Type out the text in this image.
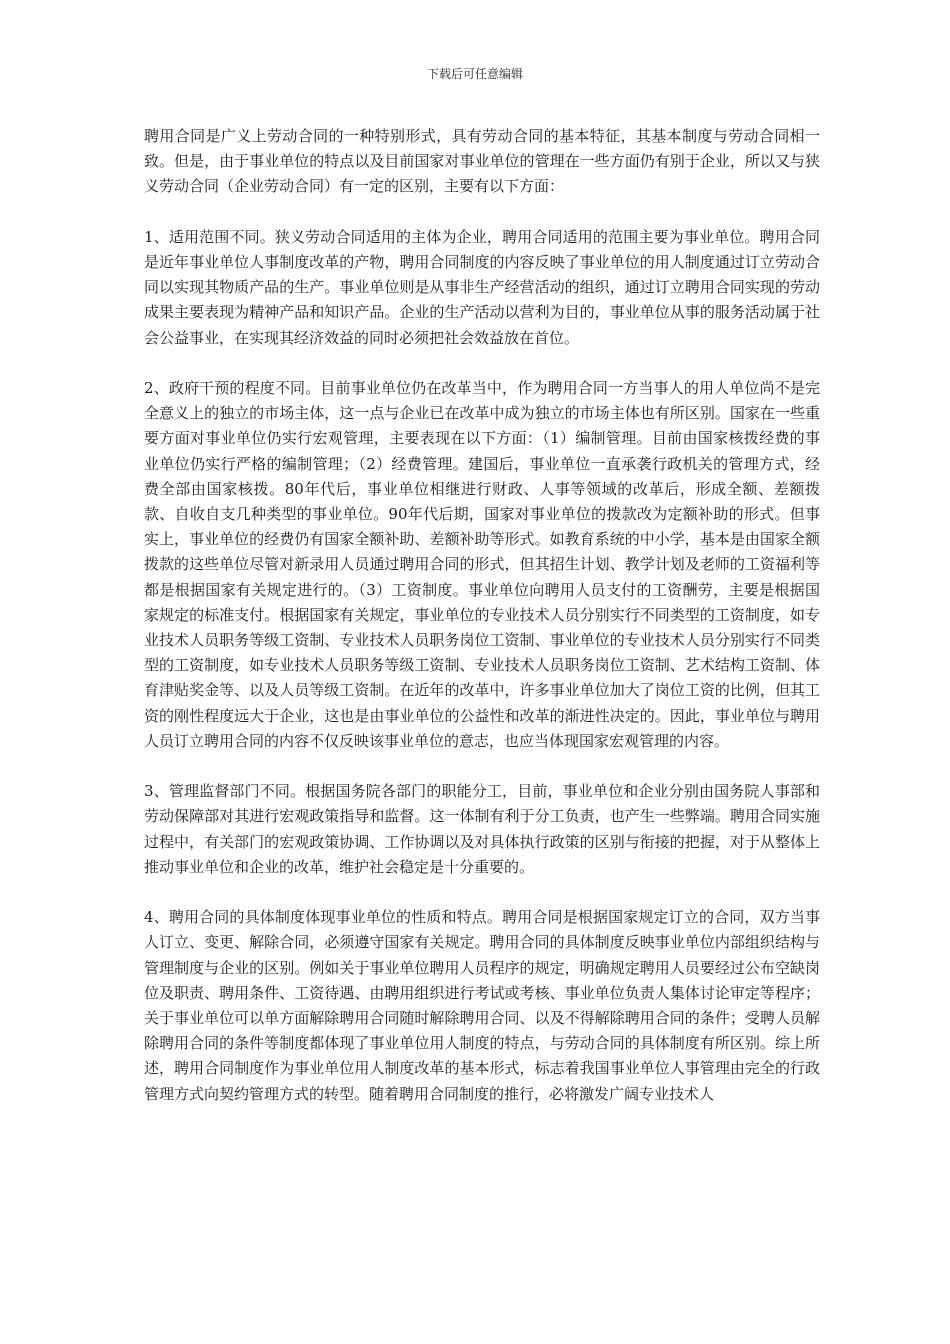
下载后可任意编辑

聘用合同是广义上劳动合同的一种特别形式，具有劳动合同的基本特征，其基本制度与劳动合同相一致。但是，由于事业单位的特点以及目前国家对事业单位的管理在一些方面仍有别于企业，所以又与狭义劳动合同（企业劳动合同）有一定的区别，主要有以下方面：

1、适用范围不同。狭义劳动合同适用的主体为企业，聘用合同适用的范围主要为事业单位。聘用合同是近年事业单位人事制度改革的产物，聘用合同制度的内容反映了事业单位的用人制度通过订立劳动合同以实现其物质产品的生产。事业单位则是从事非生产经营活动的组织，通过订立聘用合同实现的劳动成果主要表现为精神产品和知识产品。企业的生产活动以营利为目的，事业单位从事的服务活动属于社会公益事业，在实现其经济效益的同时必须把社会效益放在首位。

2、政府干预的程度不同。目前事业单位仍在改革当中，作为聘用合同一方当事人的用人单位尚不是完全意义上的独立的市场主体，这一点与企业已在改革中成为独立的市场主体也有所区别。国家在一些重要方面对事业单位仍实行宏观管理，主要表现在以下方面：（1）编制管理。目前由国家核拨经费的事业单位仍实行严格的编制管理；（2）经费管理。建国后，事业单位一直承袭行政机关的管理方式，经费全部由国家核拨。80年代后，事业单位相继进行财政、人事等领域的改革后，形成全额、差额拨款、自收自支几种类型的事业单位。90年代后期，国家对事业单位的拨款改为定额补助的形式。但事实上，事业单位的经费仍有国家全额补助、差额补助等形式。如教育系统的中小学，基本是由国家全额拨款的这些单位尽管对新录用人员通过聘用合同的形式，但其招生计划、教学计划及老师的工资福利等都是根据国家有关规定进行的。（3）工资制度。事业单位向聘用人员支付的工资酬劳，主要是根据国家规定的标准支付。根据国家有关规定，事业单位的专业技术人员分别实行不同类型的工资制度，如专业技术人员职务等级工资制、专业技术人员职务岗位工资制、事业单位的专业技术人员分别实行不同类型的工资制度，如专业技术人员职务等级工资制、专业技术人员职务岗位工资制、艺术结构工资制、体育津贴奖金等、以及人员等级工资制。在近年的改革中，许多事业单位加大了岗位工资的比例，但其工资的刚性程度远大于企业，这也是由事业单位的公益性和改革的渐进性决定的。因此，事业单位与聘用人员订立聘用合同的内容不仅反映该事业单位的意志，也应当体现国家宏观管理的内容。

3、管理监督部门不同。根据国务院各部门的职能分工，目前，事业单位和企业分别由国务院人事部和劳动保障部对其进行宏观政策指导和监督。这一体制有利于分工负责，也产生一些弊端。聘用合同实施过程中，有关部门的宏观政策协调、工作协调以及对具体执行政策的区别与衔接的把握，对于从整体上推动事业单位和企业的改革，维护社会稳定是十分重要的。

4、聘用合同的具体制度体现事业单位的性质和特点。聘用合同是根据国家规定订立的合同，双方当事人订立、变更、解除合同，必须遵守国家有关规定。聘用合同的具体制度反映事业单位内部组织结构与管理制度与企业的区别。例如关于事业单位聘用人员程序的规定，明确规定聘用人员要经过公布空缺岗位及职责、聘用条件、工资待遇、由聘用组织进行考试或考核、事业单位负责人集体讨论审定等程序；关于事业单位可以单方面解除聘用合同随时解除聘用合同、以及不得解除聘用合同的条件；受聘人员解除聘用合同的条件等制度都体现了事业单位用人制度的特点，与劳动合同的具体制度有所区别。综上所述，聘用合同制度作为事业单位用人制度改革的基本形式，标志着我国事业单位人事管理由完全的行政管理方式向契约管理方式的转型。随着聘用合同制度的推行，必将激发广阔专业技术人
